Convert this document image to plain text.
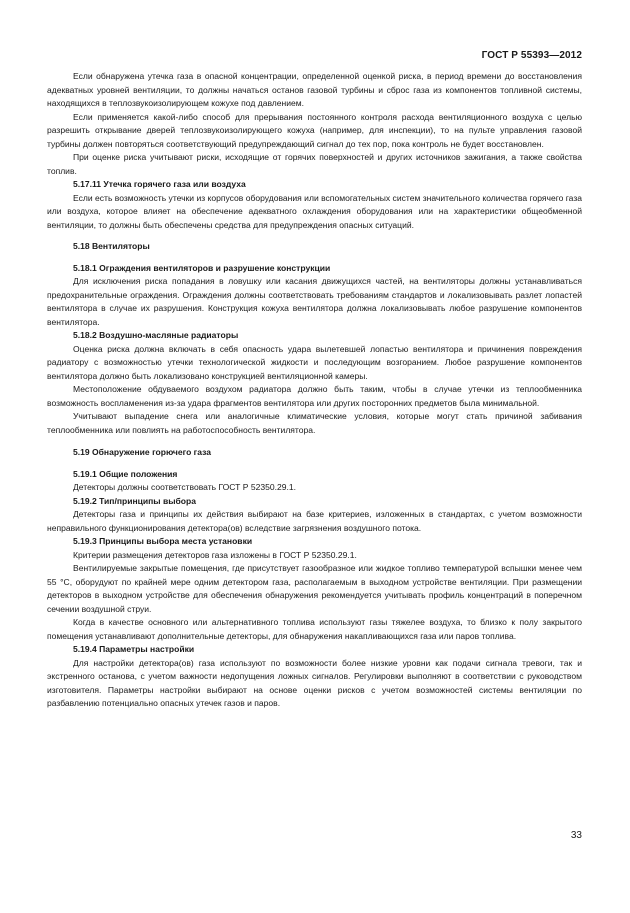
ГОСТ Р 55393—2012

Если обнаружена утечка газа в опасной концентрации, определенной оценкой риска, в период времени до восстановления адекватных уровней вентиляции, то должны начаться останов газовой турбины и сброс газа из компонентов топливной системы, находящихся в теплозвукоизолирующем кожухе под давлением.

Если применяется какой-либо способ для прерывания постоянного контроля расхода вентиляционного воздуха с целью разрешить открывание дверей теплозвукоизолирующего кожуха (например, для инспекции), то на пульте управления газовой турбины должен повторяться соответствующий предупреждающий сигнал до тех пор, пока контроль не будет восстановлен.

При оценке риска учитывают риски, исходящие от горячих поверхностей и других источников зажигания, а также свойства топлив.

5.17.11 Утечка горячего газа или воздуха

Если есть возможность утечки из корпусов оборудования или вспомогательных систем значительного количества горячего газа или воздуха, которое влияет на обеспечение адекватного охлаждения оборудования или на характеристики общеобменной вентиляции, то должны быть обеспечены средства для предупреждения опасных ситуаций.

5.18 Вентиляторы

5.18.1 Ограждения вентиляторов и разрушение конструкции

Для исключения риска попадания в ловушку или касания движущихся частей, на вентиляторы должны устанавливаться предохранительные ограждения. Ограждения должны соответствовать требованиям стандартов и локализовывать разлет лопастей вентилятора в случае их разрушения. Конструкция кожуха вентилятора должна локализовывать любое разрушение компонентов вентилятора.

5.18.2 Воздушно-масляные радиаторы

Оценка риска должна включать в себя опасность удара вылетевшей лопастью вентилятора и причинения повреждения радиатору с возможностью утечки технологической жидкости и последующим возгоранием. Любое разрушение компонентов вентилятора должно быть локализовано конструкцией вентиляционной камеры.

Местоположение обдуваемого воздухом радиатора должно быть таким, чтобы в случае утечки из теплообменника возможность воспламенения из-за удара фрагментов вентилятора или других посторонних предметов была минимальной.

Учитывают выпадение снега или аналогичные климатические условия, которые могут стать причиной забивания теплообменника или повлиять на работоспособность вентилятора.

5.19 Обнаружение горючего газа

5.19.1 Общие положения

Детекторы должны соответствовать ГОСТ Р 52350.29.1.

5.19.2 Тип/принципы выбора

Детекторы газа и принципы их действия выбирают на базе критериев, изложенных в стандартах, с учетом возможности неправильного функционирования детектора(ов) вследствие загрязнения воздушного потока.

5.19.3 Принципы выбора места установки

Критерии размещения детекторов газа изложены в ГОСТ Р 52350.29.1.

Вентилируемые закрытые помещения, где присутствует газообразное или жидкое топливо температурой вспышки менее чем 55 °С, оборудуют по крайней мере одним детектором газа, располагаемым в выходном устройстве вентиляции. При размещении детекторов в выходном устройстве для обеспечения обнаружения рекомендуется учитывать профиль концентраций в поперечном сечении воздушной струи.

Когда в качестве основного или альтернативного топлива используют газы тяжелее воздуха, то близко к полу закрытого помещения устанавливают дополнительные детекторы, для обнаружения накапливающихся газа или паров топлива.

5.19.4 Параметры настройки

Для настройки детектора(ов) газа используют по возможности более низкие уровни как подачи сигнала тревоги, так и экстренного останова, с учетом важности недопущения ложных сигналов. Регулировки выполняют в соответствии с руководством изготовителя. Параметры настройки выбирают на основе оценки рисков с учетом возможностей системы вентиляции по разбавлению потенциально опасных утечек газов и паров.

33
